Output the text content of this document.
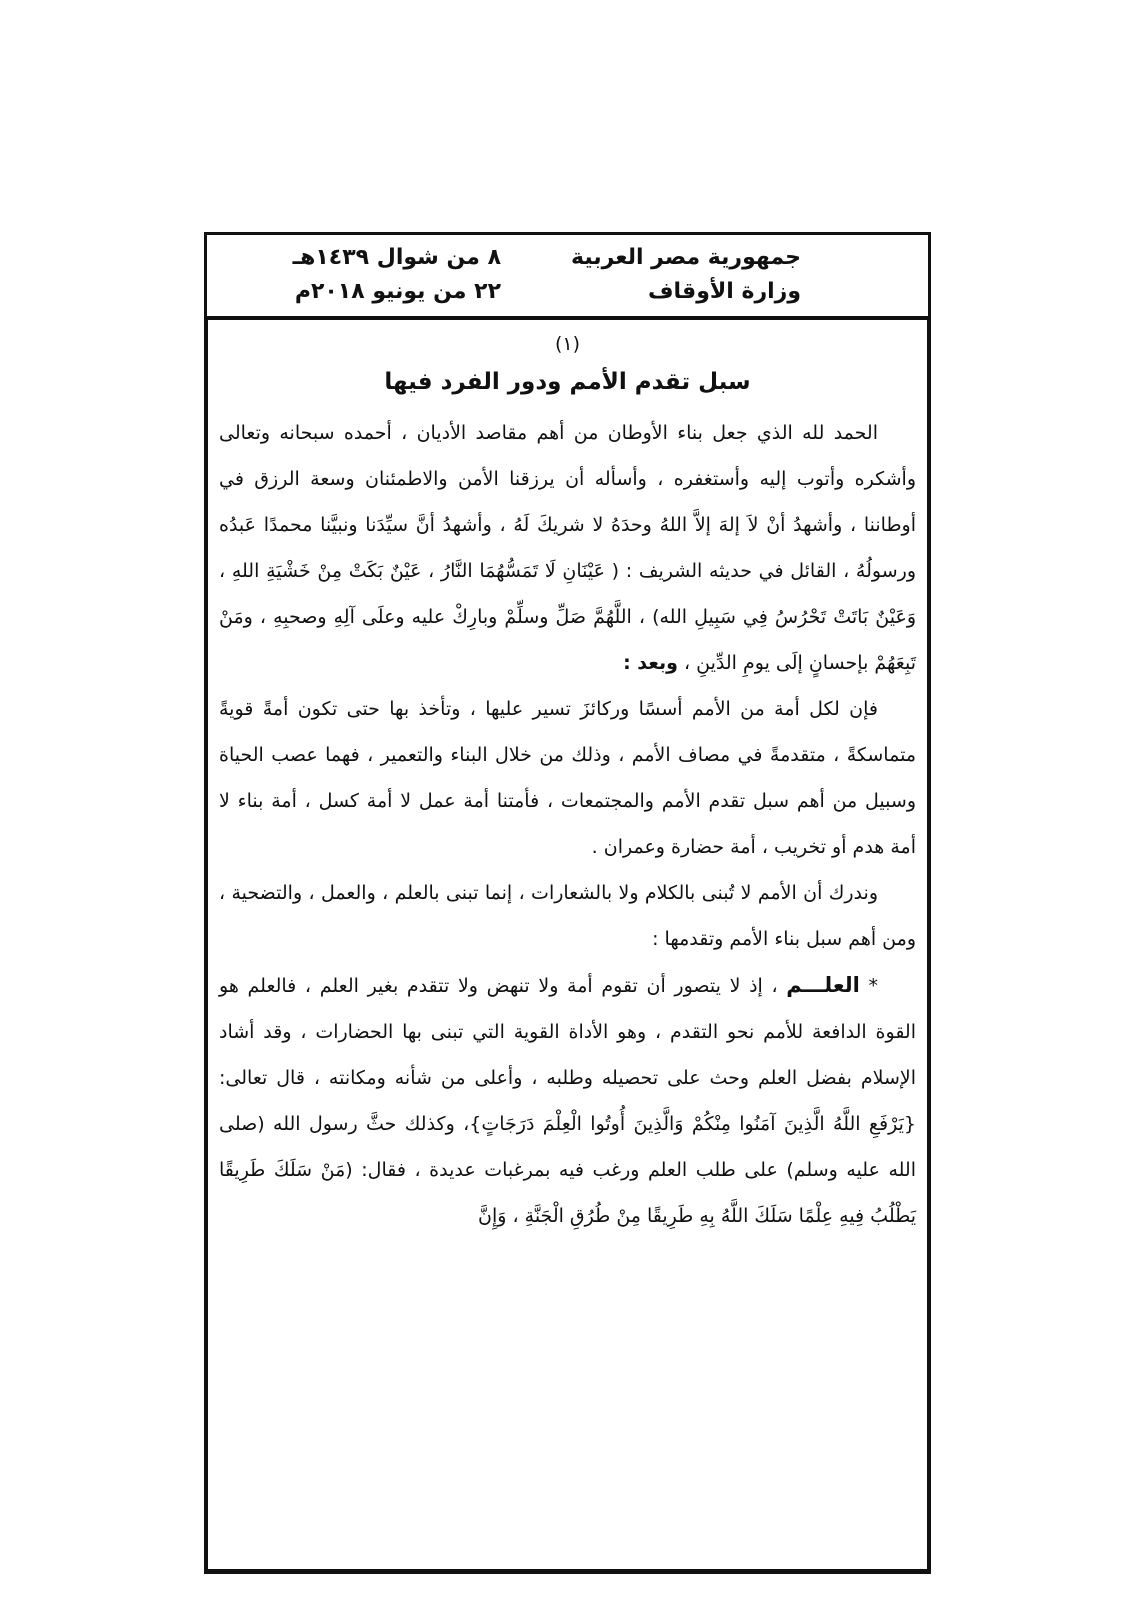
جمهورية مصر العربية
وزارة الأوقاف
٨ من شوال ١٤٣٩هـ
٢٢ من يونيو ٢٠١٨م
(١)
سبل تقدم الأمم ودور الفرد فيها

الحمد لله الذي جعل بناء الأوطان من أهم مقاصد الأديان ، أحمده سبحانه وتعالى وأشكره وأتوب إليه وأستغفره ، وأسأله أن يرزقنا الأمن والاطمئنان وسعة الرزق في أوطاننا ، وأشهدُ أنْ لاَ إلهَ إلاَّ اللهُ وحدَهُ لا شريكَ لَهُ ، وأشهدُ أنَّ سيِّدَنا ونبيَّنا محمدًا عَبدُه ورسولُهُ ، القائل في حديثه الشريف : ( عَيْنَانِ لَا تَمَسُّهُمَا النَّارُ ، عَيْنٌ بَكَتْ مِنْ خَشْيَةِ اللهِ ، وَعَيْنٌ بَاتَتْ تَحْرُسُ فِي سَبِيلِ الله) ، اللَّهُمَّ صَلِّ وسلِّمْ وبارِكْ عليه وعلَى آلِهِ وصحبِهِ ، ومَنْ تَبِعَهُمْ بإحسانٍ إلَى يومِ الدِّينِ ، وبعد :

فإن لكل أمة من الأمم أسسًا وركائزَ تسير عليها ، وتأخذ بها حتى تكون أمةً قويةً متماسكةً ، متقدمةً في مصاف الأمم ، وذلك من خلال البناء والتعمير ، فهما عصب الحياة وسبيل من أهم سبل تقدم الأمم والمجتمعات ، فأمتنا أمة عمل لا أمة كسل ، أمة بناء لا أمة هدم أو تخريب ، أمة حضارة وعمران .

وندرك أن الأمم لا تُبنى بالكلام ولا بالشعارات ، إنما تبنى بالعلم ، والعمل ، والتضحية ، ومن أهم سبل بناء الأمم وتقدمها :

* العلـــم ، إذ لا يتصور أن تقوم أمة ولا تنهض ولا تتقدم بغير العلم ، فالعلم هو القوة الدافعة للأمم نحو التقدم ، وهو الأداة القوية التي تبنى بها الحضارات ، وقد أشاد الإسلام بفضل العلم وحث على تحصيله وطلبه ، وأعلى من شأنه ومكانته ، قال تعالى:{يَرْفَعِ اللَّهُ الَّذِينَ آمَنُوا مِنْكُمْ وَالَّذِينَ أُوتُوا الْعِلْمَ دَرَجَاتٍ}، وكذلك حثَّ رسول الله (صلى الله عليه وسلم) على طلب العلم ورغب فيه بمرغبات عديدة ، فقال: (مَنْ سَلَكَ طَرِيقًا يَطْلُبُ فِيهِ عِلْمًا سَلَكَ اللَّهُ بِهِ طَرِيقًا مِنْ طُرُقِ الْجَنَّةِ ، وَإِنَّ
